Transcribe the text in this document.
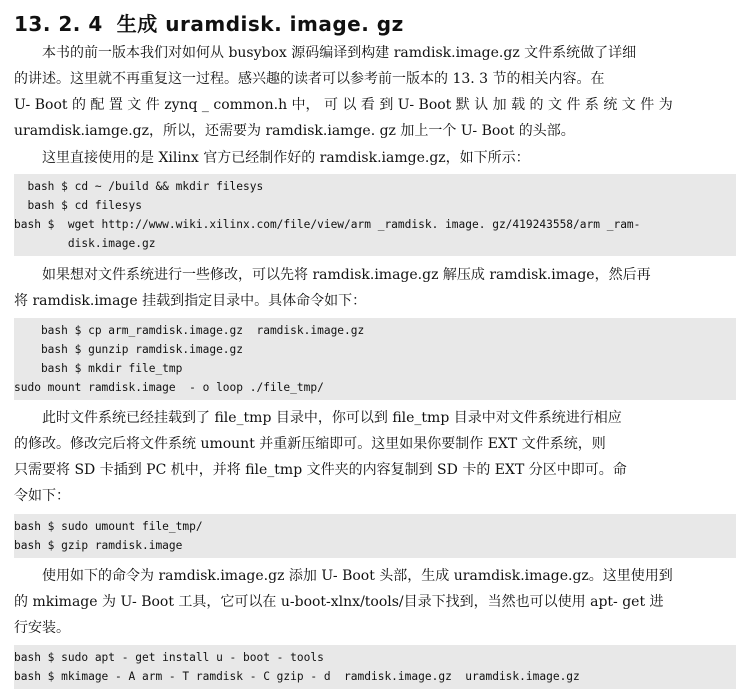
13. 2. 4 生成 uramdisk. image. gz
本书的前一版本我们对如何从 busybox 源码编译到构建 ramdisk.image.gz 文件系统做了详细
的讲述。这里就不再重复这一过程。感兴趣的读者可以参考前一版本的 13. 3 节的相关内容。在
U- Boot 的 配 置 文 件 zynq _ common.h 中， 可 以 看 到 U- Boot 默 认 加 载 的 文 件 系 统 文 件 为
uramdisk.iamge.gz，所以，还需要为 ramdisk.iamge. gz 加上一个 U- Boot 的头部。
这里直接使用的是 Xilinx 官方已经制作好的 ramdisk.iamge.gz，如下所示：
bash $ cd ~ /build && mkdir filesys
bash $ cd filesys
bash $  wget http://www.wiki.xilinx.com/file/view/arm _ramdisk. image. gz/419243558/arm _ram-
disk.image.gz
如果想对文件系统进行一些修改，可以先将 ramdisk.image.gz 解压成 ramdisk.image，然后再
将 ramdisk.image 挂载到指定目录中。具体命令如下：
bash $ cp arm_ramdisk.image.gz  ramdisk.image.gz
bash $ gunzip ramdisk.image.gz
bash $ mkdir file_tmp
sudo mount ramdisk.image  - o loop ./file_tmp/
此时文件系统已经挂载到了 file_tmp 目录中，你可以到 file_tmp 目录中对文件系统进行相应
的修改。修改完后将文件系统 umount 并重新压缩即可。这里如果你要制作 EXT 文件系统，则
只需要将 SD 卡插到 PC 机中，并将 file_tmp 文件夹的内容复制到 SD 卡的 EXT 分区中即可。命
令如下：
bash $ sudo umount file_tmp/
bash $ gzip ramdisk.image
使用如下的命令为 ramdisk.image.gz 添加 U- Boot 头部，生成 uramdisk.image.gz。这里使用到
的 mkimage 为 U- Boot 工具，它可以在 u-boot-xlnx/tools/目录下找到，当然也可以使用 apt- get 进
行安装。
bash $ sudo apt - get install u - boot - tools
bash $ mkimage - A arm - T ramdisk - C gzip - d  ramdisk.image.gz  uramdisk.image.gz
